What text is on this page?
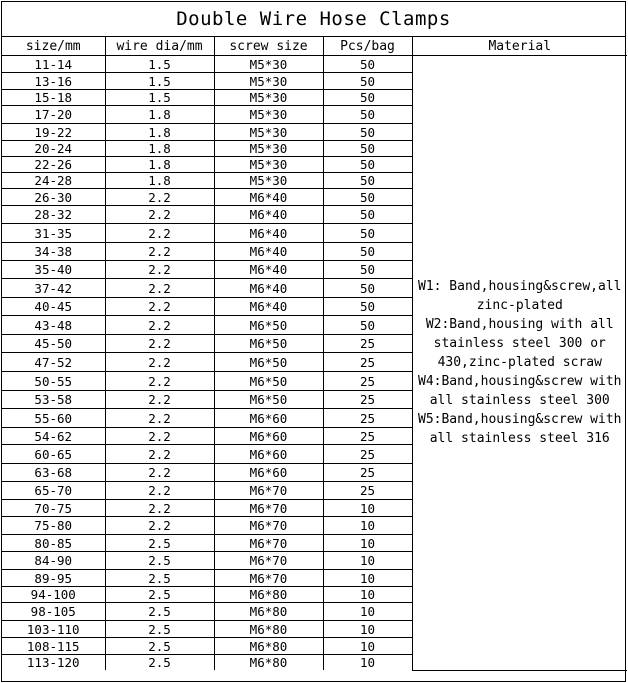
Double Wire Hose Clamps
size/mm	wire dia/mm	screw size	Pcs/bag	Material
11-14	1.5	M5*30	50	W1: Band,housing&screw,all zinc-plated
W2:Band,housing with all stainless steel 300 or 430,zinc-plated scraw
W4:Band,housing&screw with all stainless steel 300
W5:Band,housing&screw with all stainless steel 316

13-16	1.5	M5*30	50	
15-18	1.5	M5*30	50	
17-20	1.8	M5*30	50	
19-22	1.8	M5*30	50	
20-24	1.8	M5*30	50	
22-26	1.8	M5*30	50	
24-28	1.8	M5*30	50	
26-30	2.2	M6*40	50	
28-32	2.2	M6*40	50	
31-35	2.2	M6*40	50	
34-38	2.2	M6*40	50	
35-40	2.2	M6*40	50	
37-42	2.2	M6*40	50	
40-45	2.2	M6*40	50	
43-48	2.2	M6*50	50	
45-50	2.2	M6*50	25	
47-52	2.2	M6*50	25	
50-55	2.2	M6*50	25	
53-58	2.2	M6*50	25	
55-60	2.2	M6*60	25	
54-62	2.2	M6*60	25	
60-65	2.2	M6*60	25	
63-68	2.2	M6*60	25	
65-70	2.2	M6*70	25	
70-75	2.2	M6*70	10	
75-80	2.2	M6*70	10	
80-85	2.5	M6*70	10	
84-90	2.5	M6*70	10	
89-95	2.5	M6*70	10	
94-100	2.5	M6*80	10	
98-105	2.5	M6*80	10	
103-110	2.5	M6*80	10	
108-115	2.5	M6*80	10	
113-120	2.5	M6*80	10	
